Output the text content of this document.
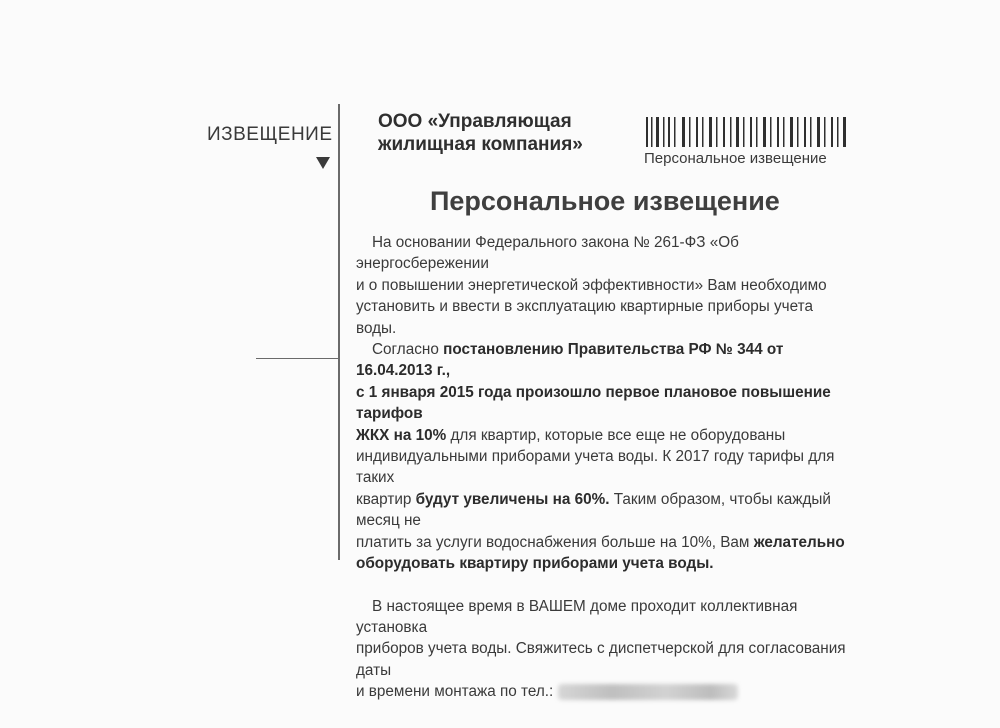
ИЗВЕЩЕНИЕ
ООО «Управляющая
жилищная компания»
Персональное извещение
Персональное извещение

На основании Федерального закона № 261-ФЗ «Об энергосбережении

и о повышении энергетической эффективности» Вам необходимо

установить и ввести в эксплуатацию квартирные приборы учета воды.

Согласно постановлению Правительства РФ № 344 от 16.04.2013 г.,

с 1 января 2015 года произошло первое плановое повышение тарифов

ЖКХ на 10% для квартир, которые все еще не оборудованы

индивидуальными приборами учета воды. К 2017 году тарифы для таких

квартир будут увеличены на 60%. Таким образом, чтобы каждый месяц не

платить за услуги водоснабжения больше на 10%, Вам желательно

оборудовать квартиру приборами учета воды.

В настоящее время в ВАШЕМ доме проходит коллективная установка

приборов учета воды. Свяжитесь с диспетчерской для согласования даты

и времени монтажа по тел.:
